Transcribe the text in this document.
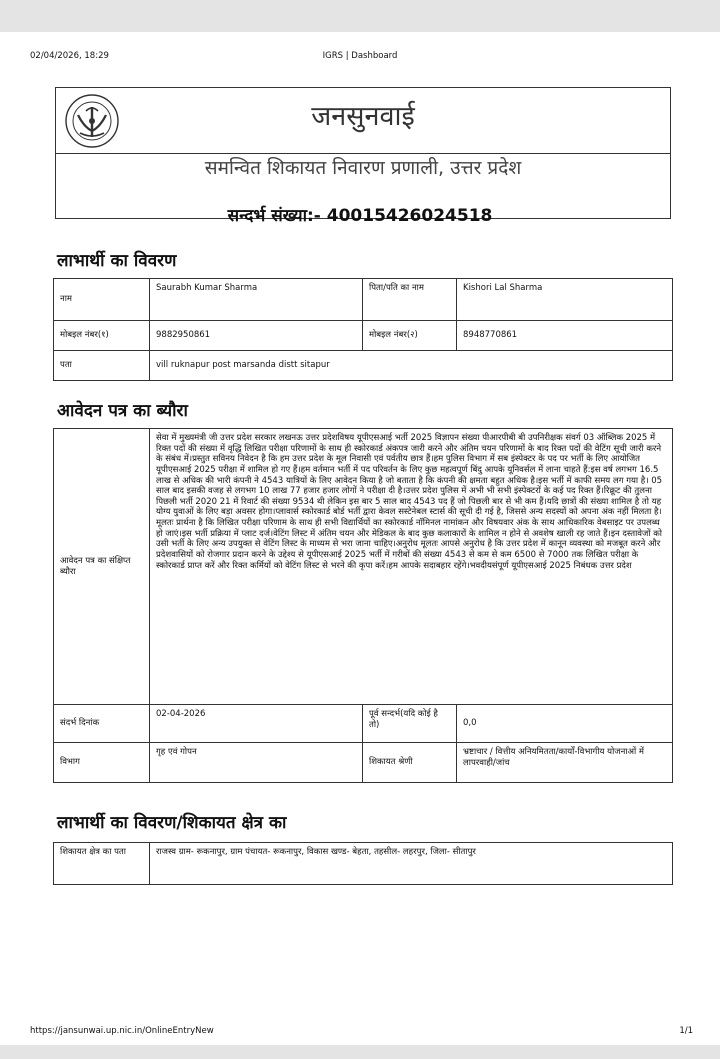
02/04/2026, 18:29	IGRS | Dashboard
जनसुनवाई
समन्वित शिकायत निवारण प्रणाली, उत्तर प्रदेश
सन्दर्भ संख्या:- 40015426024518
लाभार्थी का विवरण
नाम	Saurabh Kumar Sharma	पिता/पति का नाम	Kishori Lal Sharma
मोबइल नंबर(१)	9882950861	मोबइल नंबर(२)	8948770861
पता	vill ruknapur post marsanda distt sitapur		
आवेदन पत्र का ब्यौरा
आवेदन पत्र का संक्षिप्त ब्यौरा	सेवा में मुख्यमंत्री जी उत्तर प्रदेश सरकार लखनऊ उत्तर प्रदेशविषय यूपीएसआई भर्ती 2025 विज्ञापन संख्या पीआरपीबी बी उपनिरीक्षक संवर्ग 03 ऑब्लिक 2025 में रिक्त पदों की संख्या में वृद्धि लिखित परीक्षा परिणामों के साथ ही स्कोरकार्ड अंकपत्र जारी करने और अंतिम चयन परिणामों के बाद रिक्त पदों की वेटिंग सूची जारी करने के संबंध में।प्रस्तुत सविनय निवेदन है कि हम उत्तर प्रदेश के मूल निवासी एवं पर्वतीय छात्र हैं।हम पुलिस विभाग में सब इंस्पेक्टर के पद पर भर्ती के लिए आयोजित यूपीएसआई 2025 परीक्षा में शामिल हो गए हैं।हम वर्तमान भर्ती में पद परिवर्तन के लिए कुछ महत्वपूर्ण बिंदु आपके यूनिवर्सल में लाना चाहते हैं:इस वर्ष लगभग 16.5 लाख से अधिक की भारी कंपनी ने 4543 यात्रियों के लिए आवेदन किया है जो बताता है कि कंपनी की क्षमता बहुत अधिक है।इस भर्ती में काफी समय लग गया है। 05 साल बाद इसकी वजह से लगभग 10 लाख 77 हजार हजार लोगों ने परीक्षा दी है।उत्तर प्रदेश पुलिस में अभी भी सभी इंस्पेक्टरों के कई पद रिक्त हैं।रिक्रूट की तुलना पिछली भर्ती 2020 21 में रिवार्ट की संख्या 9534 थी लेकिन इस बार 5 साल बाद 4543 पद हैं जो पिछली बार से भी कम हैं।यदि छात्रों की संख्या शामिल है तो यह योग्य युवाओं के लिए बड़ा अवसर होगा।प्लावार्स स्कोरकार्ड बोर्ड भर्ती द्वारा केवल सस्टेनेबल स्टार्स की सूची दी गई है, जिससे अन्य सदस्यों को अपना अंक नहीं मिलता है।मूलतः प्रार्थना है कि लिखित परीक्षा परिणाम के साथ ही सभी विद्यार्थियों का स्कोरकार्ड नॉमिनल नामांकन और विषयवार अंक के साथ आधिकारिक वेबसाइट पर उपलब्ध हो जाएं।इस भर्ती प्रक्रिया में प्लाट दर्ज।वेटिंग लिस्ट में अंतिम चयन और मेडिकल के बाद कुछ कलाकारों के शामिल न होने से अवशेष खाली रह जाते हैं।इन दस्तावेजों को उसी भर्ती के लिए अन्य उपयुक्त से वेटिंग लिस्ट के माध्यम से भरा जाना चाहिए।अनुरोध मूलतः आपसे अनुरोध है कि उत्तर प्रदेश में कानून व्यवस्था को मजबूत करने और प्रदेशवासियों को रोजगार प्रदान करने के उद्देश्य से यूपीएसआई 2025 भर्ती में गरीबों की संख्या 4543 से कम से कम 6500 से 7000 तक लिखित परीक्षा के स्कोरकार्ड प्राप्त करें और रिक्त कर्मियों को वेटिंग लिस्ट से भरने की कृपा करें।हम आपके सदाबहार रहेंगे।भवदीयसंपूर्ण यूपीएसआई 2025 निबंधक उत्तर प्रदेश		
संदर्भ दिनांक	02-04-2026	पूर्व सन्दर्भ(यदि कोई है तो)	0,0
विभाग	गृह एवं गोपन	शिकायत श्रेणी	भ्रष्टाचार / वित्तीय अनियमितता/कार्यों-विभागीय योजनाओं में लापरवाही/जांच
लाभार्थी का विवरण/शिकायत क्षेत्र का
शिकायत क्षेत्र का पता	राजस्व ग्राम- रूकनापुर, ग्राम पंचायत- रूकनापुर, विकास खण्ड- बेहता, तहसील- लहरपुर, जिला- सीतापुर
https://jansunwai.up.nic.in/OnlineEntryNew	1/1
